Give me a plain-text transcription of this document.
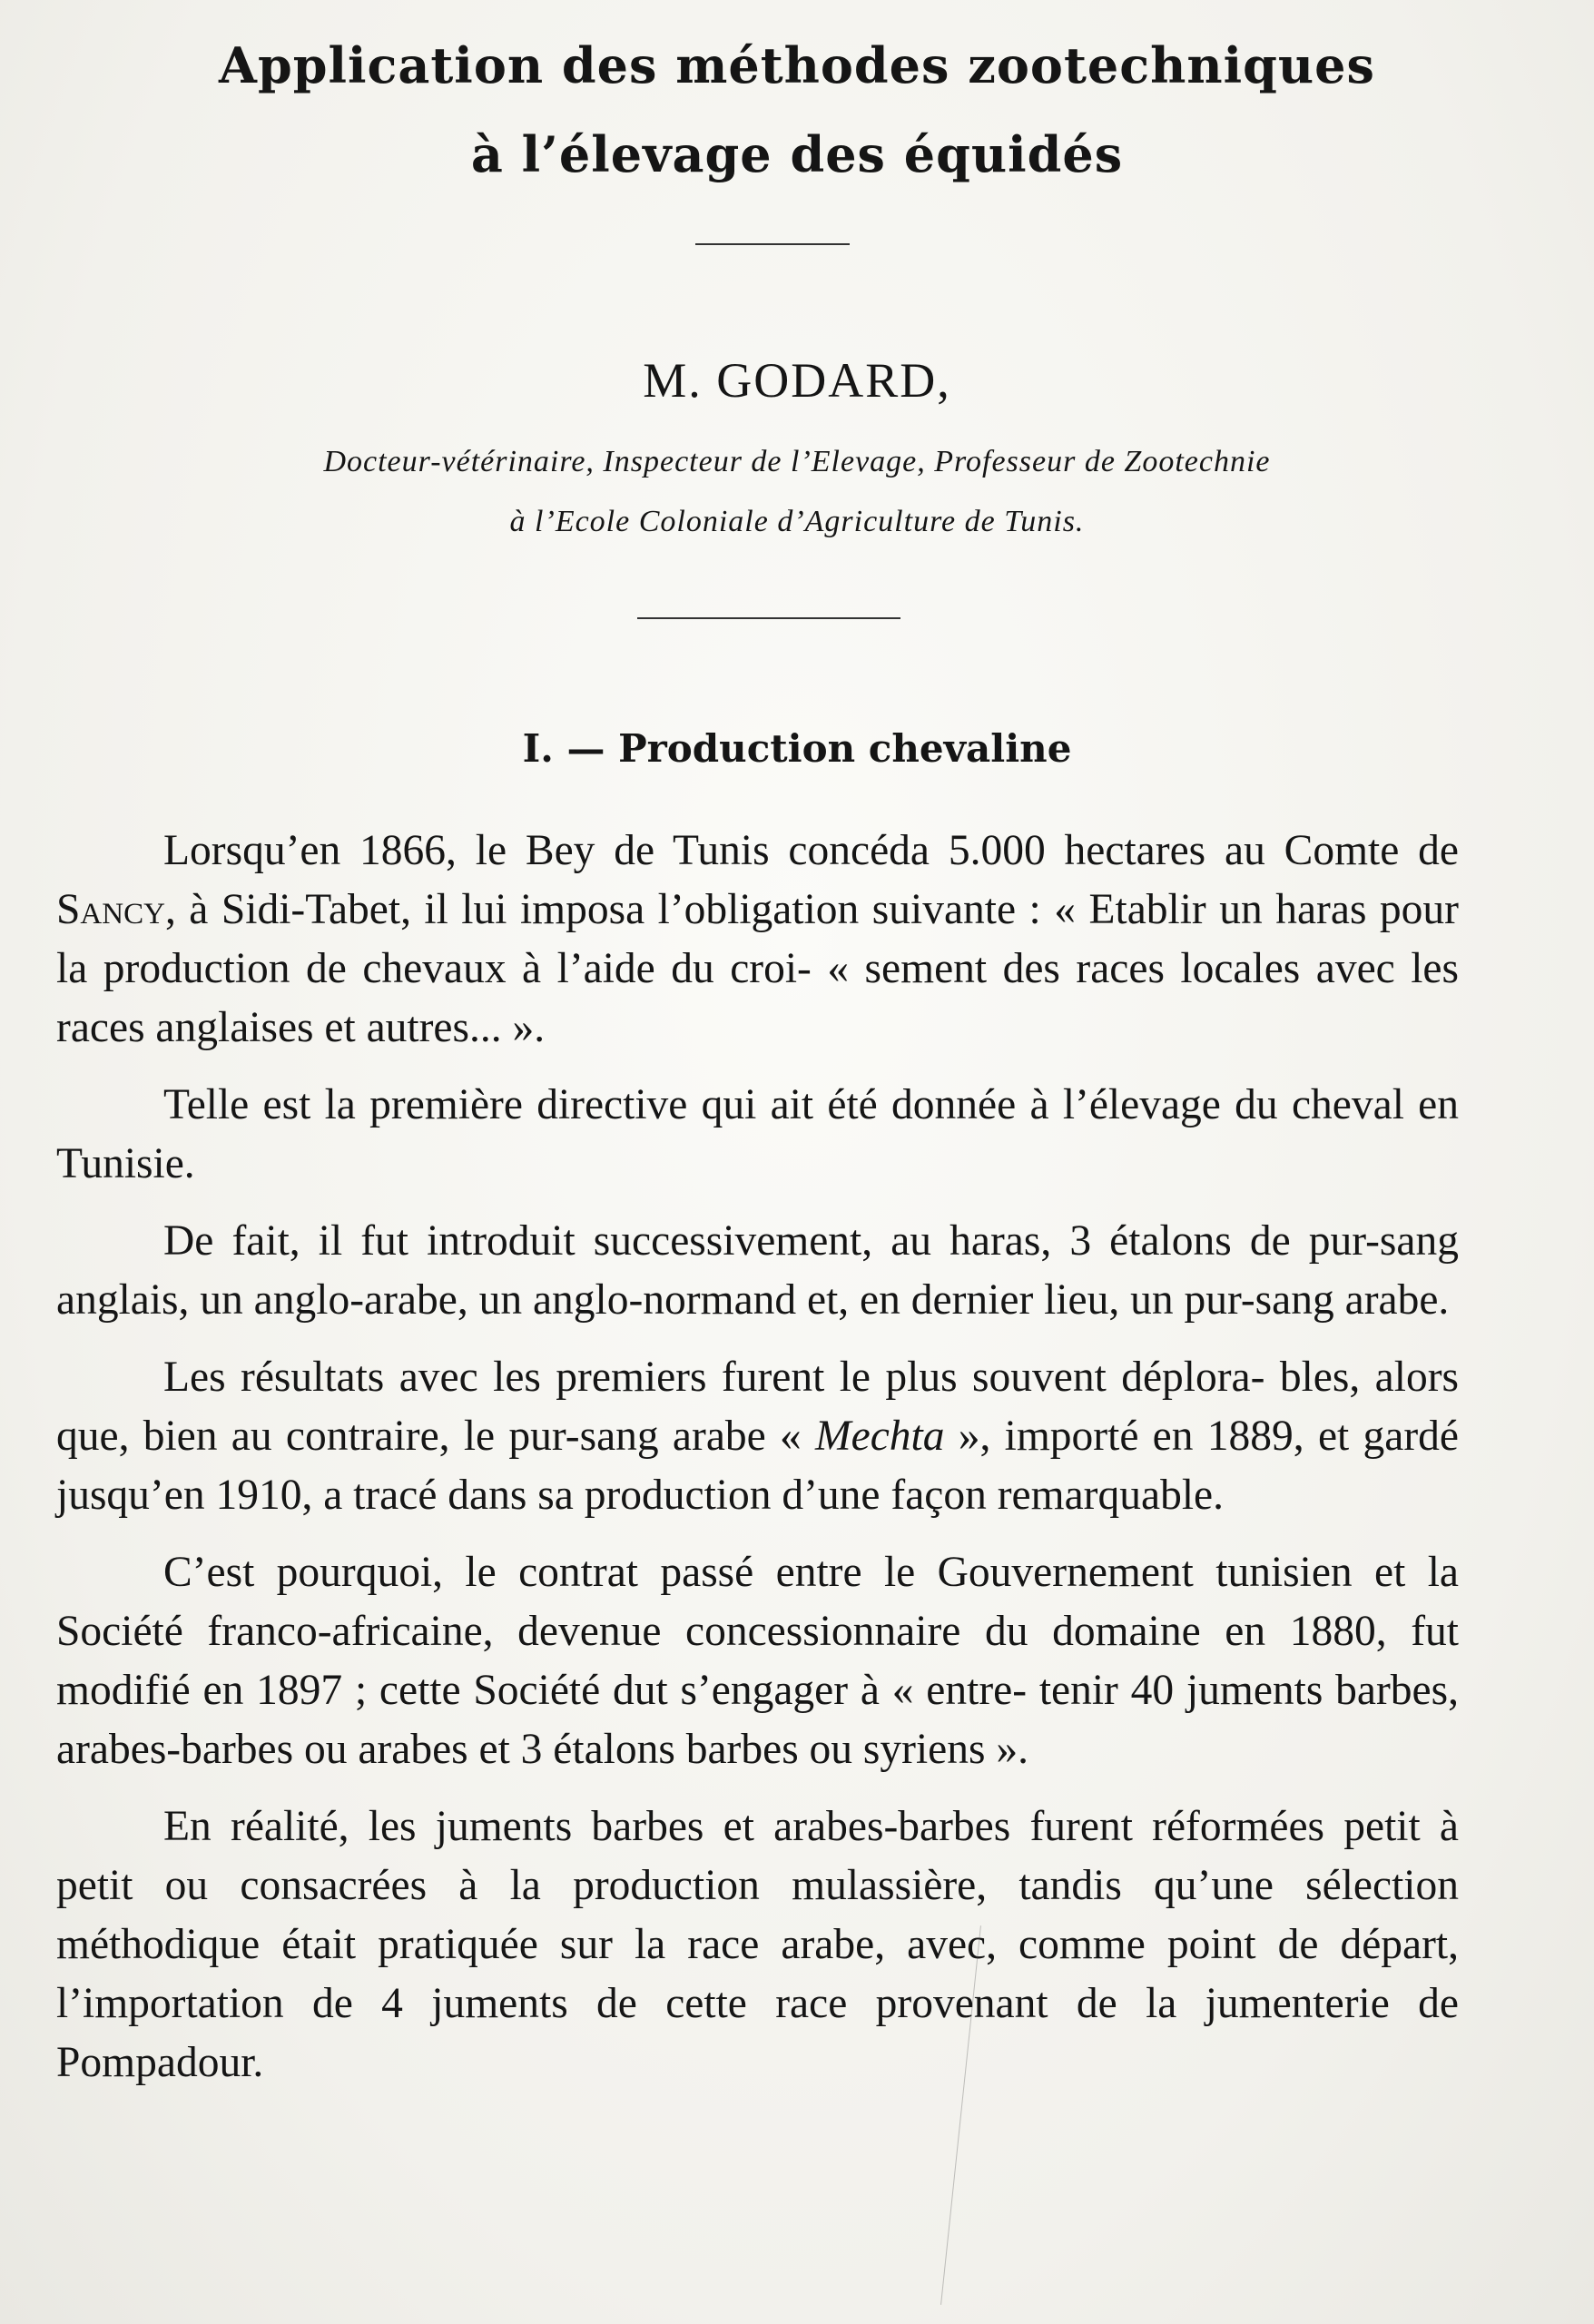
Application des méthodes zootechniques
à l’élevage des équidés
M. GODARD,
Docteur-vétérinaire, Inspecteur de l’Elevage, Professeur de Zootechnie
à l’Ecole Coloniale d’Agriculture de Tunis.
I. — Production chevaline

Lorsqu’en 1866, le Bey de Tunis concéda 5.000 hectares au Comte de Sancy, à Sidi-Tabet, il lui imposa l’obligation suivante : « Etablir un haras pour la production de chevaux à l’aide du croi- « sement des races locales avec les races anglaises et autres... ».

Telle est la première directive qui ait été donnée à l’élevage du cheval en Tunisie.

De fait, il fut introduit successivement, au haras, 3 étalons de pur-sang anglais, un anglo-arabe, un anglo-normand et, en dernier lieu, un pur-sang arabe.

Les résultats avec les premiers furent le plus souvent déplora- bles, alors que, bien au contraire, le pur-sang arabe « Mechta », importé en 1889, et gardé jusqu’en 1910, a tracé dans sa production d’une façon remarquable.

C’est pourquoi, le contrat passé entre le Gouvernement tunisien et la Société franco-africaine, devenue concessionnaire du domaine en 1880, fut modifié en 1897 ; cette Société dut s’engager à « entre- tenir 40 juments barbes, arabes-barbes ou arabes et 3 étalons barbes ou syriens ».

En réalité, les juments barbes et arabes-barbes furent réformées petit à petit ou consacrées à la production mulassière, tandis qu’une sélection méthodique était pratiquée sur la race arabe, avec, comme point de départ, l’importation de 4 juments de cette race provenant de la jumenterie de Pompadour.
